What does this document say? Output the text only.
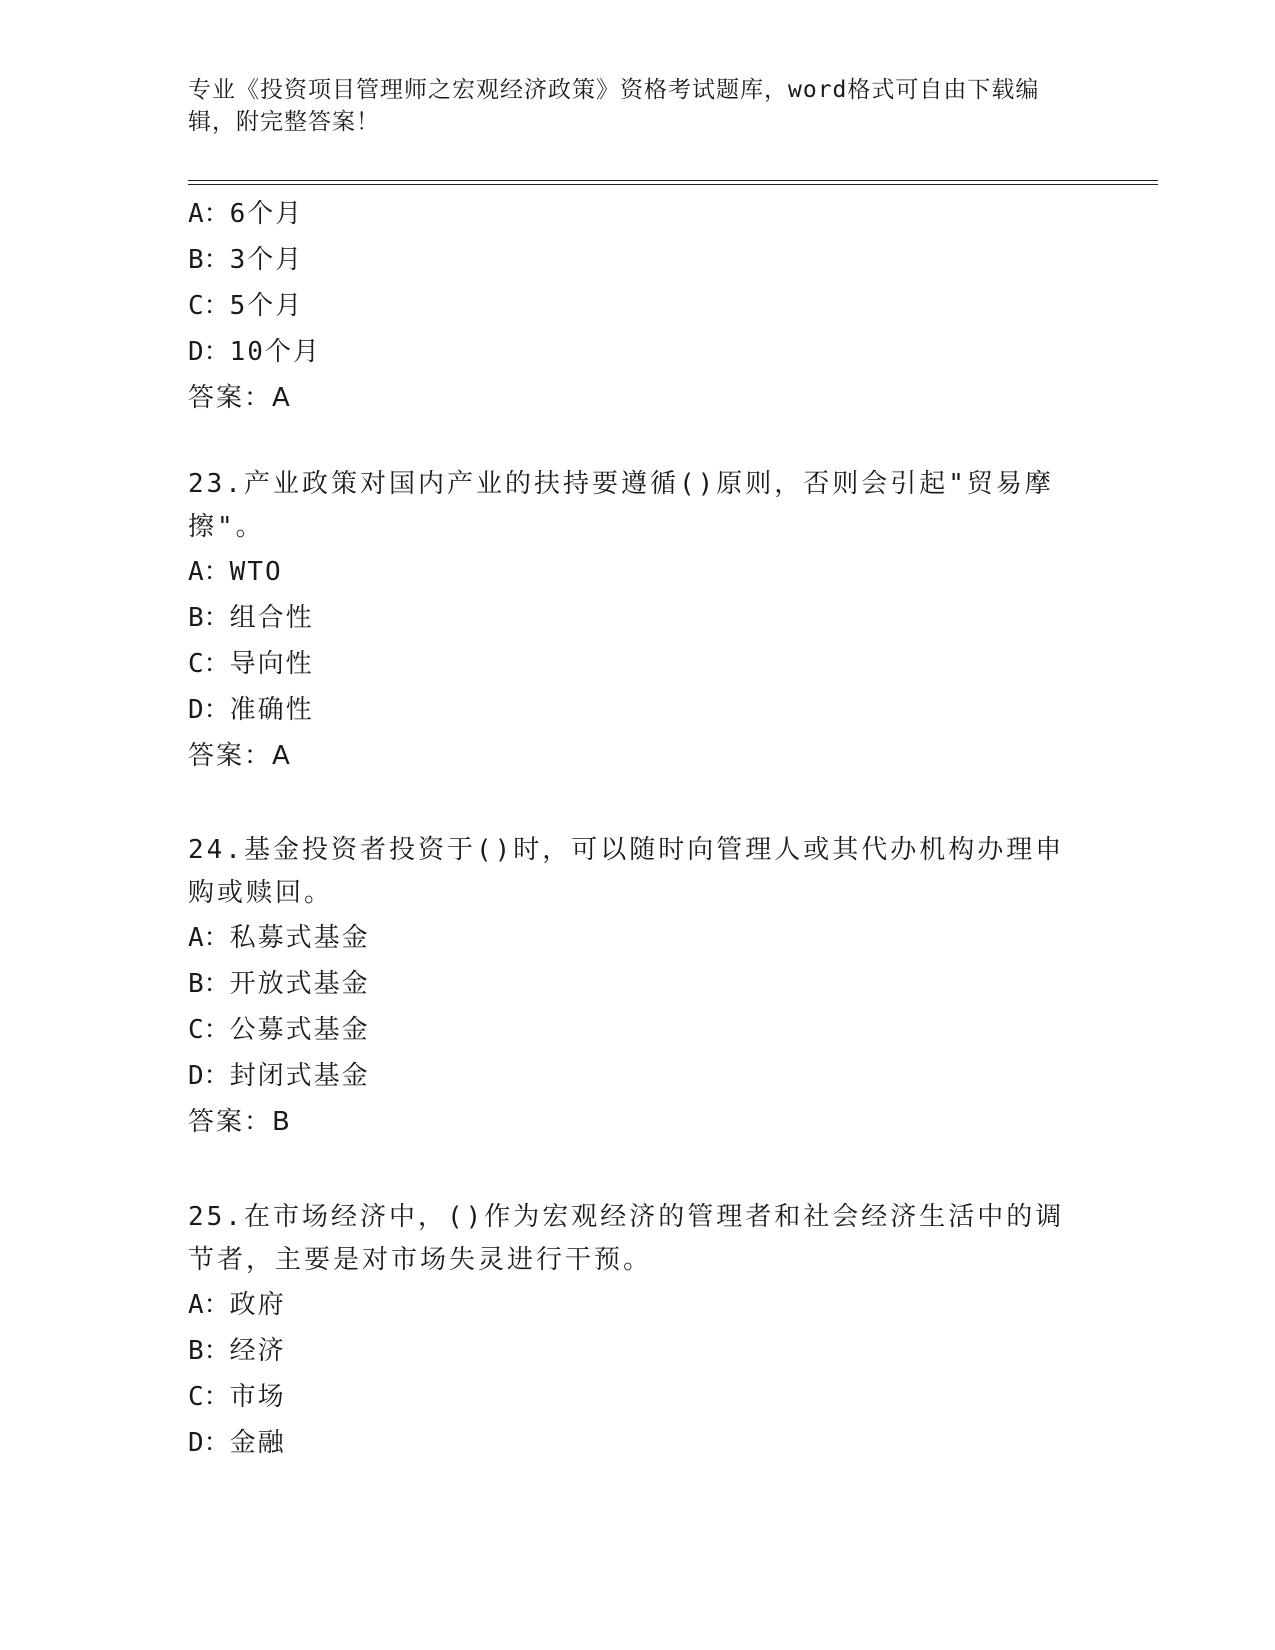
专业《投资项目管理师之宏观经济政策》资格考试题库，word格式可自由下载编辑，附完整答案！
A：6个月
B：3个月
C：5个月
D：10个月
答案：A

23.产业政策对国内产业的扶持要遵循()原则，否则会引起"贸易摩擦"。

A：WTO
B：组合性
C：导向性
D：准确性
答案：A

24.基金投资者投资于()时，可以随时向管理人或其代办机构办理申购或赎回。

A：私募式基金
B：开放式基金
C：公募式基金
D：封闭式基金
答案：B

25.在市场经济中，()作为宏观经济的管理者和社会经济生活中的调节者，主要是对市场失灵进行干预。

A：政府
B：经济
C：市场
D：金融
